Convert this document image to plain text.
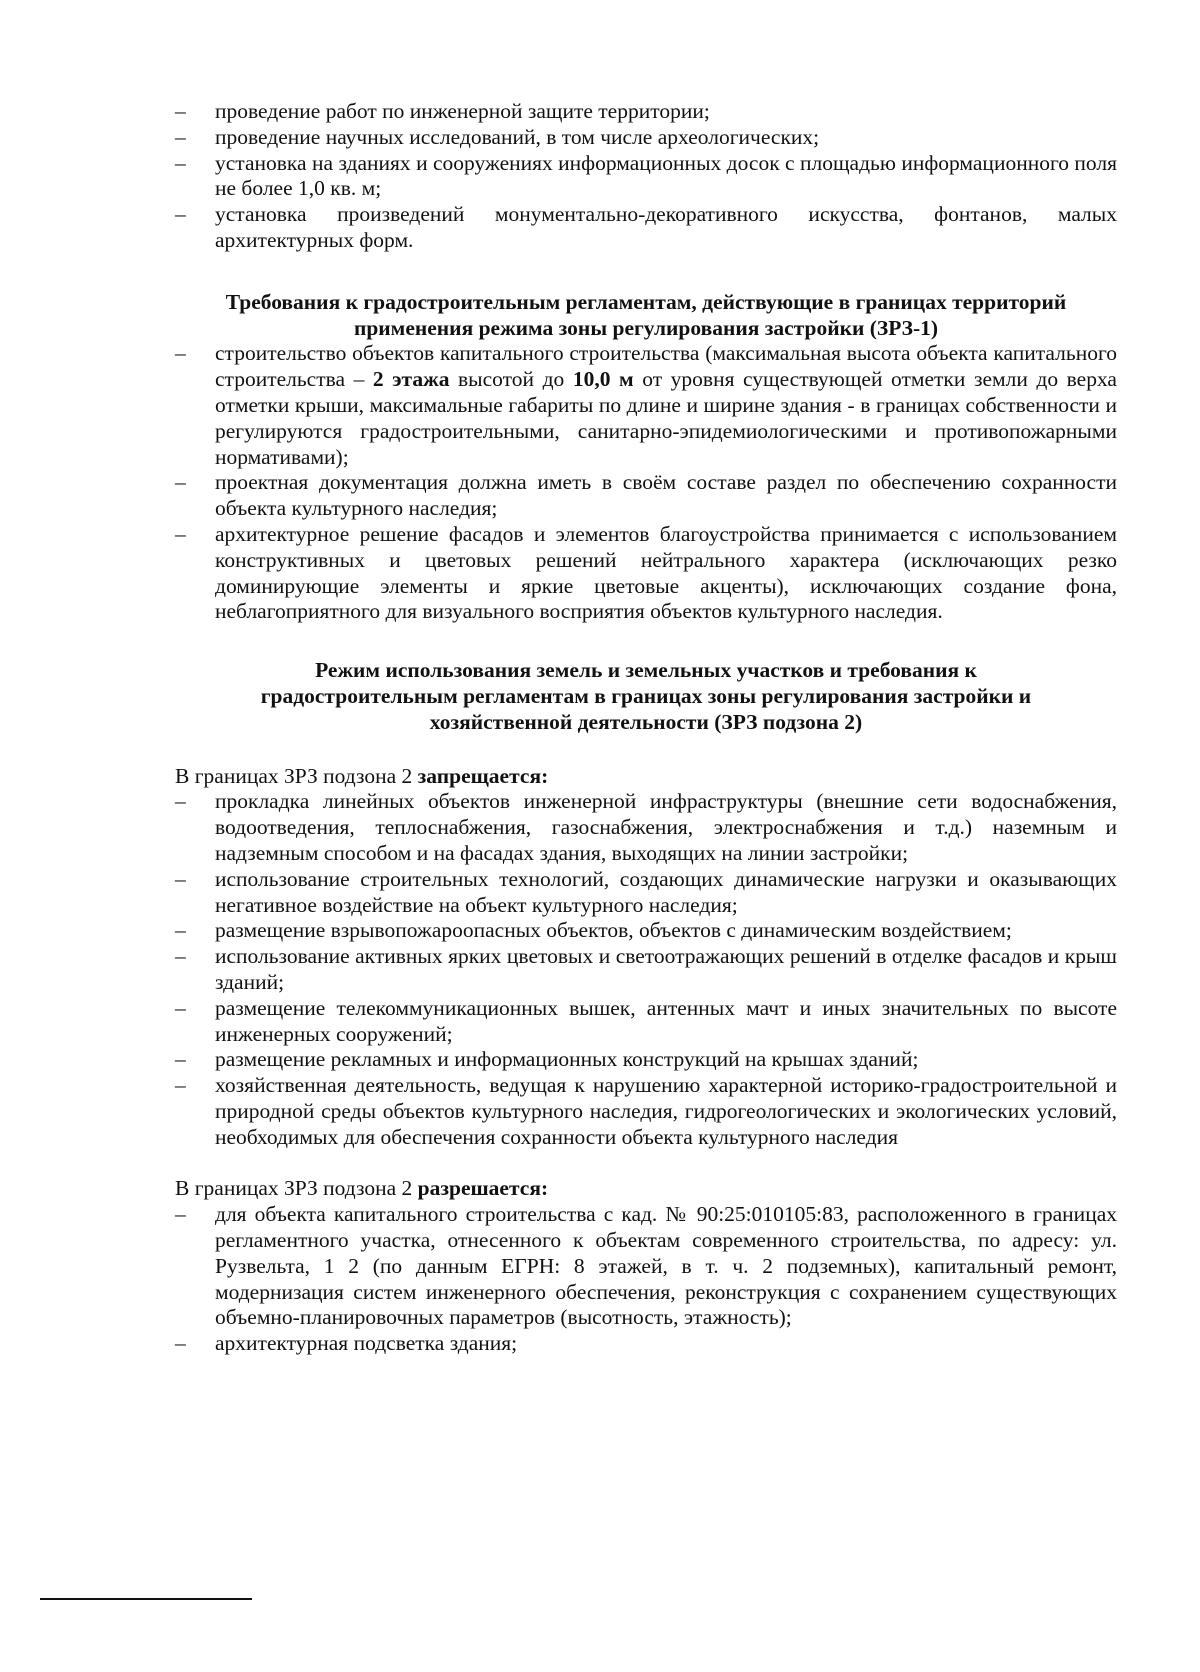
– проведение работ по инженерной защите территории;
– проведение научных исследований, в том числе археологических;
– установка на зданиях и сооружениях информационных досок с площадью информационного поля не более 1,0 кв. м;
– установка произведений монументально-декоративного искусства, фонтанов, малых архитектурных форм.
Требования к градостроительным регламентам, действующие в границах территорий
применения режима зоны регулирования застройки (ЗРЗ-1)
– строительство объектов капитального строительства (максимальная высота объекта капитального строительства – 2 этажа высотой до 10,0 м от уровня существующей отметки земли до верха отметки крыши, максимальные габариты по длине и ширине здания - в границах собственности и регулируются градостроительными, санитарно-эпидемиологическими и противопожарными нормативами);
– проектная документация должна иметь в своём составе раздел по обеспечению сохранности объекта культурного наследия;
– архитектурное решение фасадов и элементов благоустройства принимается с использованием конструктивных и цветовых решений нейтрального характера (исключающих резко доминирующие элементы и яркие цветовые акценты), исключающих создание фона, неблагоприятного для визуального восприятия объектов культурного наследия.
Режим использования земель и земельных участков и требования к
градостроительным регламентам в границах зоны регулирования застройки и
хозяйственной деятельности (ЗРЗ подзона 2)
В границах ЗРЗ подзона 2 запрещается:
– прокладка линейных объектов инженерной инфраструктуры (внешние сети водоснабжения, водоотведения, теплоснабжения, газоснабжения, электроснабжения и т.д.) наземным и надземным способом и на фасадах здания, выходящих на линии застройки;
– использование строительных технологий, создающих динамические нагрузки и оказывающих негативное воздействие на объект культурного наследия;
– размещение взрывопожароопасных объектов, объектов с динамическим воздействием;
– использование активных ярких цветовых и светоотражающих решений в отделке фасадов и крыш зданий;
– размещение телекоммуникационных вышек, антенных мачт и иных значительных по высоте инженерных сооружений;
– размещение рекламных и информационных конструкций на крышах зданий;
– хозяйственная деятельность, ведущая к нарушению характерной историко-градостроительной и природной среды объектов культурного наследия, гидрогеологических и экологических условий, необходимых для обеспечения сохранности объекта культурного наследия
В границах ЗРЗ подзона 2 разрешается:
– для объекта капитального строительства с кад. № 90:25:010105:83, расположенного в границах регламентного участка, отнесенного к объектам современного строительства, по адресу: ул. Рузвельта, 1 2 (по данным ЕГРН: 8 этажей, в т. ч. 2 подземных), капитальный ремонт, модернизация систем инженерного обеспечения, реконструкция с сохранением существующих объемно-планировочных параметров (высотность, этажность);
– архитектурная подсветка здания;
